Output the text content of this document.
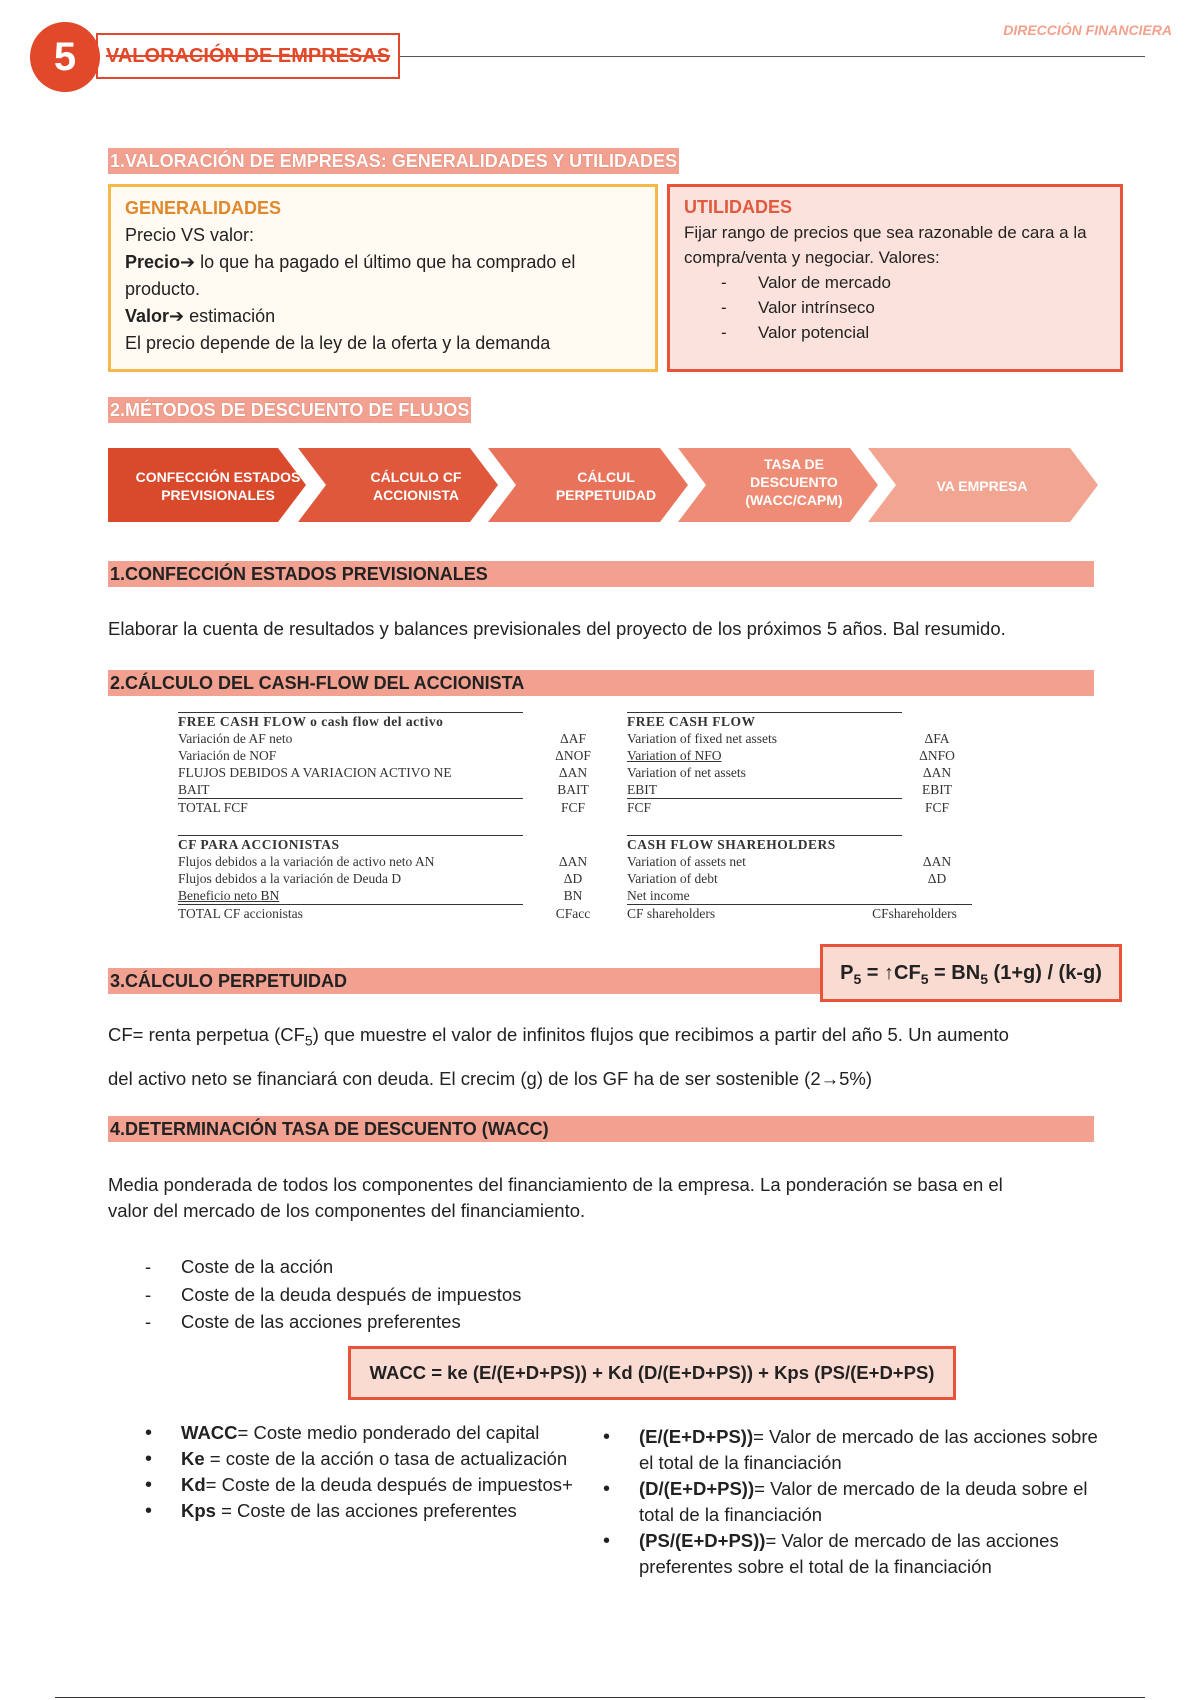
VALORACIÓN DE EMPRESAS
5
DIRECCIÓN FINANCIERA
1.VALORACIÓN DE EMPRESAS: GENERALIDADES Y UTILIDADES
GENERALIDADES
Precio VS valor:
Precio➔ lo que ha pagado el último que ha comprado el producto.
Valor➔ estimación
El precio depende de la ley de la oferta y la demanda
UTILIDADES
Fijar rango de precios que sea razonable de cara a la compra/venta y negociar. Valores:
- Valor de mercado
- Valor intrínseco
- Valor potencial
2.MÉTODOS DE DESCUENTO DE FLUJOS
CONFECCIÓN ESTADOS
PREVISIONALES
CÁLCULO CF
ACCIONISTA
CÁLCUL
PERPETUIDAD
TASA DE
DESCUENTO
(WACC/CAPM)
VA EMPRESA
1.CONFECCIÓN ESTADOS PREVISIONALES
Elaborar la cuenta de resultados y balances previsionales del proyecto de los próximos 5 años. Bal resumido.
2.CÁLCULO DEL CASH-FLOW DEL ACCIONISTA
FREE CASH FLOW o cash flow del activo
Variación de AF neto	ΔAF
Variación de NOF	ΔNOF
FLUJOS DEBIDOS A VARIACION ACTIVO NE	ΔAN
BAIT	BAIT
TOTAL FCF	FCF
FREE CASH FLOW
Variation of fixed net assets	ΔFA
Variation of NFO	ΔNFO
Variation of net assets	ΔAN
EBIT	EBIT
FCF	FCF
CF PARA ACCIONISTAS
Flujos debidos a la variación de activo neto AN	ΔAN
Flujos debidos a la variación de Deuda D	ΔD
Beneficio neto BN	BN
TOTAL CF accionistas	CFacc
CASH FLOW SHAREHOLDERS
Variation of assets net	ΔAN
Variation of debt	ΔD
Net income
CF shareholders	CFshareholders
3.CÁLCULO PERPETUIDAD	$P_5$ = $↑CF_5 = BN_5$ (1+g) / (k-g)
CF= renta perpetua $(CF_5)$ que muestre el valor de infinitos flujos que recibimos a partir del año 5. Un aumento
del activo neto se financiará con deuda. El crecim (g) de los GF ha de ser sostenible (2→5%)
4.DETERMINACIÓN TASA DE DESCUENTO (WACC)
Media ponderada de todos los componentes del financiamiento de la empresa. La ponderación se basa en el
valor del mercado de los componentes del financiamiento.
- Coste de la acción
- Coste de la deuda después de impuestos
- Coste de las acciones preferentes
WACC = ke (E/(E+D+PS)) + Kd (D/(E+D+PS)) + Kps (PS/(E+D+PS)
• WACC= Coste medio ponderado del capital
• Ke = coste de la acción o tasa de actualización
• Kd= Coste de la deuda después de impuestos+
• Kps = Coste de las acciones preferentes
• (E/(E+D+PS))= Valor de mercado de las acciones sobre el total de la financiación
• (D/(E+D+PS))= Valor de mercado de la deuda sobre el total de la financiación
• (PS/(E+D+PS))= Valor de mercado de las acciones preferentes sobre el total de la financiación
